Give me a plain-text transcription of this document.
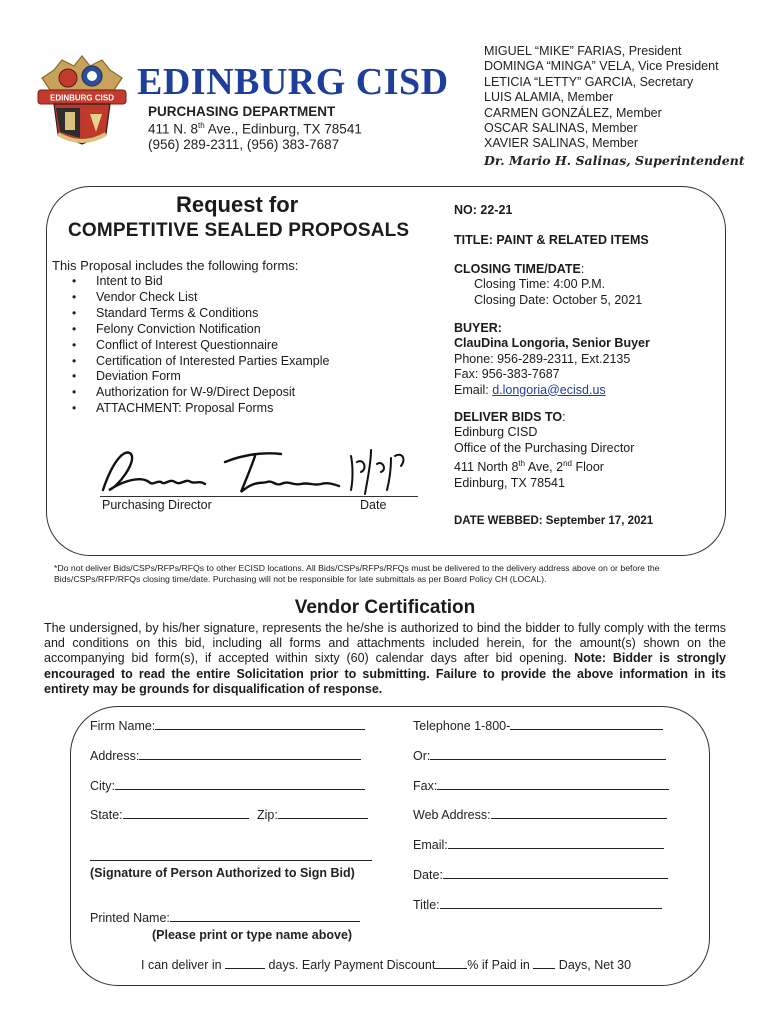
EDINBURG CISD EDINBURG CISD
PURCHASING DEPARTMENT
411 N. 8th Ave., Edinburg, TX 78541
(956) 289-2311, (956) 383-7687
MIGUEL “MIKE” FARIAS, President
DOMINGA “MINGA” VELA, Vice President
LETICIA “LETTY” GARCIA, Secretary
LUIS ALAMIA, Member
CARMEN GONZÁLEZ, Member
OSCAR SALINAS, Member
XAVIER SALINAS, Member
Dr. Mario H. Salinas, Superintendent
Request for
COMPETITIVE SEALED PROPOSALS
This Proposal includes the following forms:
• Intent to Bid
• Vendor Check List
• Standard Terms & Conditions
• Felony Conviction Notification
• Conflict of Interest Questionnaire
• Certification of Interested Parties Example
• Deviation Form
• Authorization for W-9/Direct Deposit
• ATTACHMENT: Proposal Forms
Purchasing Director	Date
NO: 22-21
TITLE: PAINT & RELATED ITEMS
CLOSING TIME/DATE:
Closing Time: 4:00 P.M.
Closing Date: October 5, 2021
BUYER:
ClauDina Longoria, Senior Buyer
Phone: 956-289-2311, Ext.2135
Fax: 956-383-7687
Email: d.longoria@ecisd.us
DELIVER BIDS TO:
Edinburg CISD
Office of the Purchasing Director
411 North 8th Ave, 2nd Floor
Edinburg, TX 78541
DATE WEBBED: September 17, 2021
*Do not deliver Bids/CSPs/RFPs/RFQs to other ECISD locations. All Bids/CSPs/RFPs/RFQs must be delivered to the delivery address above on or before the Bids/CSPs/RFP/RFQs closing time/date. Purchasing will not be responsible for late submittals as per Board Policy CH (LOCAL).
Vendor Certification
The undersigned, by his/her signature, represents the he/she is authorized to bind the bidder to fully comply with the terms and conditions on this bid, including all forms and attachments included herein, for the amount(s) shown on the accompanying bid form(s), if accepted within sixty (60) calendar days after bid opening. Note: Bidder is strongly encouraged to read the entire Solicitation prior to submitting. Failure to provide the above information in its entirety may be grounds for disqualification of response.
Firm Name:	Telephone 1-800-
Address:	Or:
City:	Fax:
State:	Zip:	Web Address:
Email:
(Signature of Person Authorized to Sign Bid)	Date:
Title:
Printed Name:
(Please print or type name above)
I can deliver in	days. Early Payment Discount	% if Paid in  Days, Net 30
